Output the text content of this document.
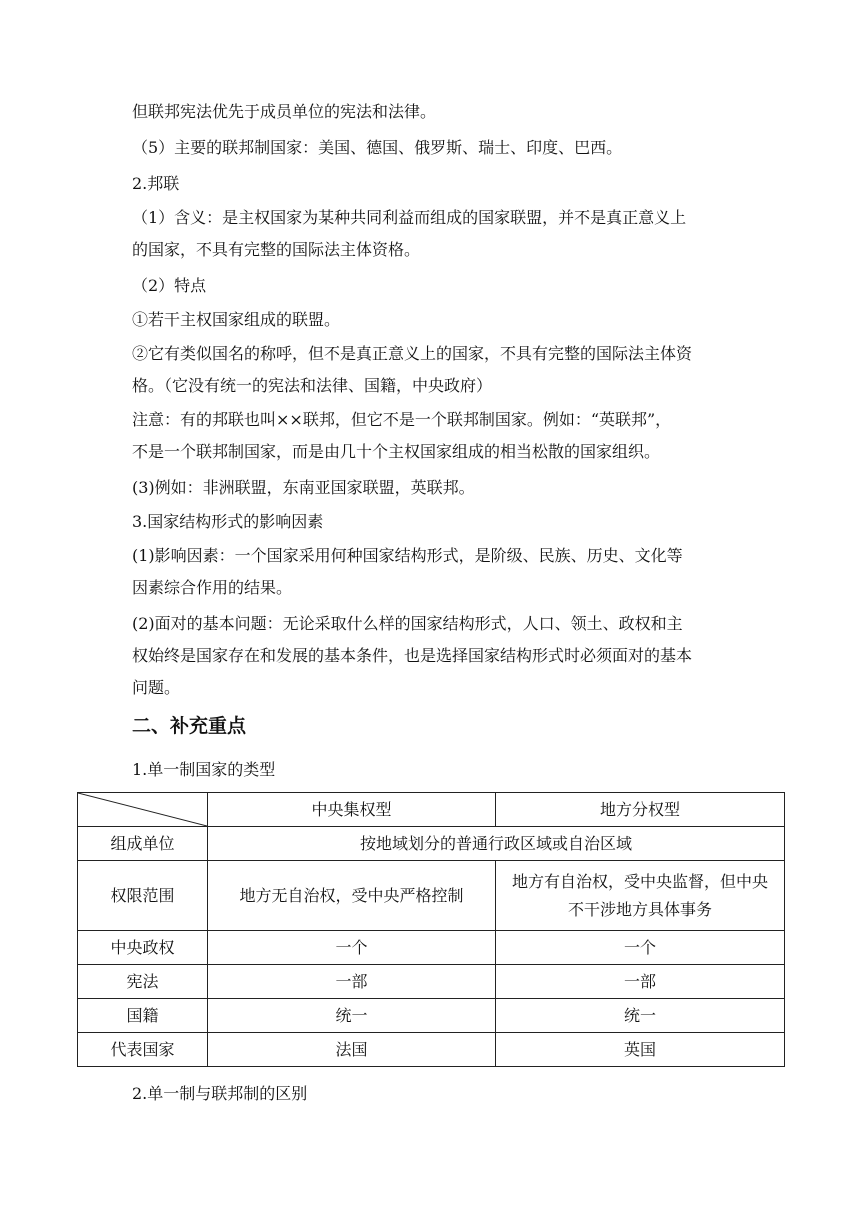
但联邦宪法优先于成员单位的宪法和法律。
（5）主要的联邦制国家：美国、德国、俄罗斯、瑞士、印度、巴西。
2.邦联
（1）含义：是主权国家为某种共同利益而组成的国家联盟，并不是真正意义上
的国家，不具有完整的国际法主体资格。
（2）特点
①若干主权国家组成的联盟。
②它有类似国名的称呼，但不是真正意义上的国家，不具有完整的国际法主体资
格。（它没有统一的宪法和法律、国籍，中央政府）
注意：有的邦联也叫××联邦，但它不是一个联邦制国家。例如：“英联邦”，
不是一个联邦制国家，而是由几十个主权国家组成的相当松散的国家组织。
(3)例如：非洲联盟，东南亚国家联盟，英联邦。
3.国家结构形式的影响因素
(1)影响因素：一个国家采用何种国家结构形式，是阶级、民族、历史、文化等
因素综合作用的结果。
(2)面对的基本问题：无论采取什么样的国家结构形式，人口、领土、政权和主
权始终是国家存在和发展的基本条件，也是选择国家结构形式时必须面对的基本
问题。
二、补充重点
1.单一制国家的类型
	中央集权型	地方分权型
组成单位	按地域划分的普通行政区域或自治区域	
权限范围	地方无自治权，受中央严格控制	地方有自治权，受中央监督，但中央
不干涉地方具体事务

中央政权	一个	一个
宪法	一部	一部
国籍	统一	统一
代表国家	法国	英国
2.单一制与联邦制的区别
